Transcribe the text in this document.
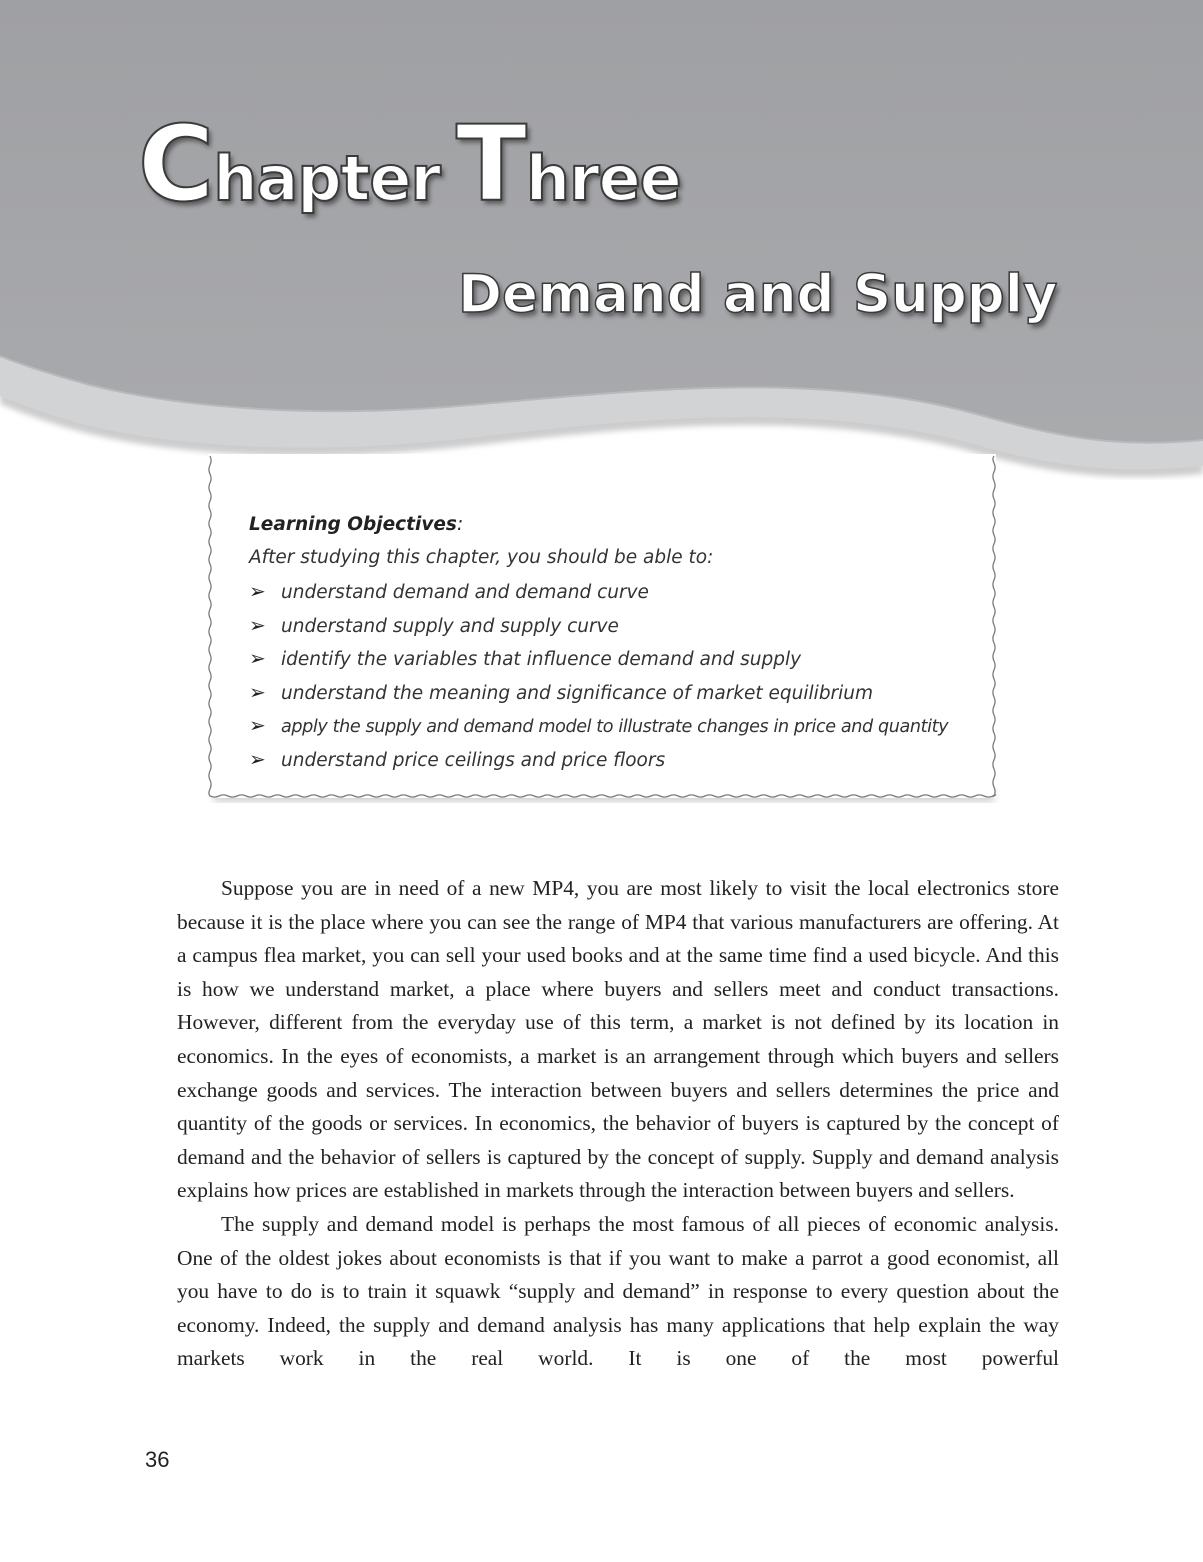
Chapter Three
Demand and Supply
Learning Objectives:
After studying this chapter, you should be able to:
➢ understand demand and demand curve
➢ understand supply and supply curve
➢ identify the variables that influence demand and supply
➢ understand the meaning and significance of market equilibrium
➢ apply the supply and demand model to illustrate changes in price and quantity
➢ understand price ceilings and price floors

Suppose you are in need of a new MP4, you are most likely to visit the local electronics store because it is the place where you can see the range of MP4 that various manufacturers are offering. At a campus flea market, you can sell your used books and at the same time find a used bicycle. And this is how we understand market, a place where buyers and sellers meet and conduct transactions. However, different from the everyday use of this term, a market is not defined by its location in economics. In the eyes of economists, a market is an arrangement through which buyers and sellers exchange goods and services. The interaction between buyers and sellers determines the price and quantity of the goods or services. In economics, the behavior of buyers is captured by the concept of demand and the behavior of sellers is captured by the concept of supply. Supply and demand analysis explains how prices are established in markets through the interaction between buyers and sellers.

The supply and demand model is perhaps the most famous of all pieces of economic analysis. One of the oldest jokes about economists is that if you want to make a parrot a good economist, all you have to do is to train it squawk “supply and demand” in response to every question about the economy. Indeed, the supply and demand analysis has many applications that help explain the way markets work in the real world. It is one of the most powerful

36
